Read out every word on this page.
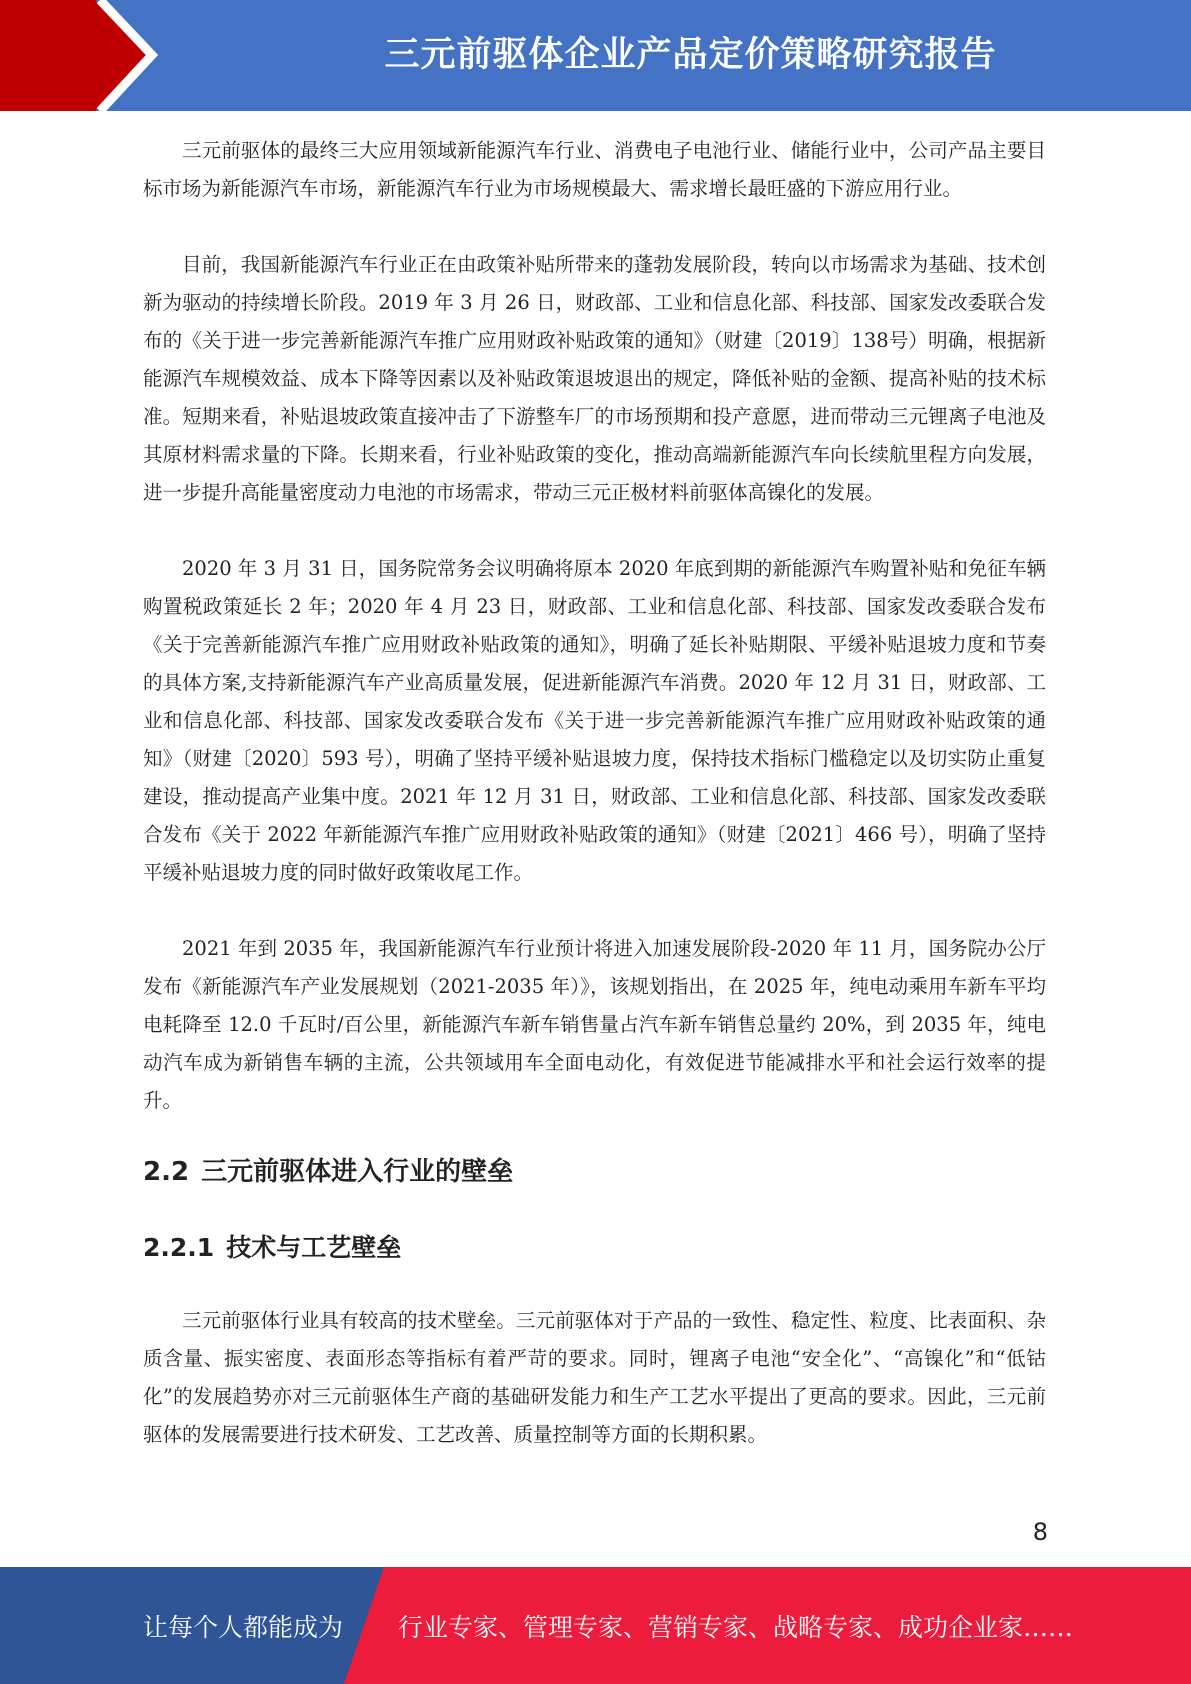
三元前驱体企业产品定价策略研究报告

三元前驱体的最终三大应用领域新能源汽车行业、消费电子电池行业、储能行业中，公司产品主要目标市场为新能源汽车市场，新能源汽车行业为市场规模最大、需求增长最旺盛的下游应用行业。

目前，我国新能源汽车行业正在由政策补贴所带来的蓬勃发展阶段，转向以市场需求为基础、技术创新为驱动的持续增长阶段。2019 年 3 月 26 日，财政部、工业和信息化部、科技部、国家发改委联合发布的《关于进一步完善新能源汽车推广应用财政补贴政策的通知》（财建〔2019〕138号）明确，根据新能源汽车规模效益、成本下降等因素以及补贴政策退坡退出的规定，降低补贴的金额、提高补贴的技术标准。短期来看，补贴退坡政策直接冲击了下游整车厂的市场预期和投产意愿，进而带动三元锂离子电池及其原材料需求量的下降。长期来看，行业补贴政策的变化，推动高端新能源汽车向长续航里程方向发展，进一步提升高能量密度动力电池的市场需求，带动三元正极材料前驱体高镍化的发展。

2020 年 3 月 31 日，国务院常务会议明确将原本 2020 年底到期的新能源汽车购置补贴和免征车辆购置税政策延长 2 年；2020 年 4 月 23 日，财政部、工业和信息化部、科技部、国家发改委联合发布《关于完善新能源汽车推广应用财政补贴政策的通知》，明确了延长补贴期限、平缓补贴退坡力度和节奏的具体方案,支持新能源汽车产业高质量发展，促进新能源汽车消费。2020 年 12 月 31 日，财政部、工业和信息化部、科技部、国家发改委联合发布《关于进一步完善新能源汽车推广应用财政补贴政策的通知》（财建〔2020〕593 号），明确了坚持平缓补贴退坡力度，保持技术指标门槛稳定以及切实防止重复建设，推动提高产业集中度。2021 年 12 月 31 日，财政部、工业和信息化部、科技部、国家发改委联合发布《关于 2022 年新能源汽车推广应用财政补贴政策的通知》（财建〔2021〕466 号），明确了坚持平缓补贴退坡力度的同时做好政策收尾工作。

2021 年到 2035 年，我国新能源汽车行业预计将进入加速发展阶段-2020 年 11 月，国务院办公厅发布《新能源汽车产业发展规划（2021-2035 年）》，该规划指出，在 2025 年，纯电动乘用车新车平均电耗降至 12.0 千瓦时/百公里，新能源汽车新车销售量占汽车新车销售总量约 20%，到 2035 年，纯电动汽车成为新销售车辆的主流，公共领域用车全面电动化，有效促进节能减排水平和社会运行效率的提升。

2.2 三元前驱体进入行业的壁垒
2.2.1 技术与工艺壁垒

三元前驱体行业具有较高的技术壁垒。三元前驱体对于产品的一致性、稳定性、粒度、比表面积、杂质含量、振实密度、表面形态等指标有着严苛的要求。同时，锂离子电池“安全化”、“高镍化”和“低钴化”的发展趋势亦对三元前驱体生产商的基础研发能力和生产工艺水平提出了更高的要求。因此，三元前驱体的发展需要进行技术研发、工艺改善、质量控制等方面的长期积累。

8
让每个人都能成为 行业专家、管理专家、营销专家、战略专家、成功企业家……
